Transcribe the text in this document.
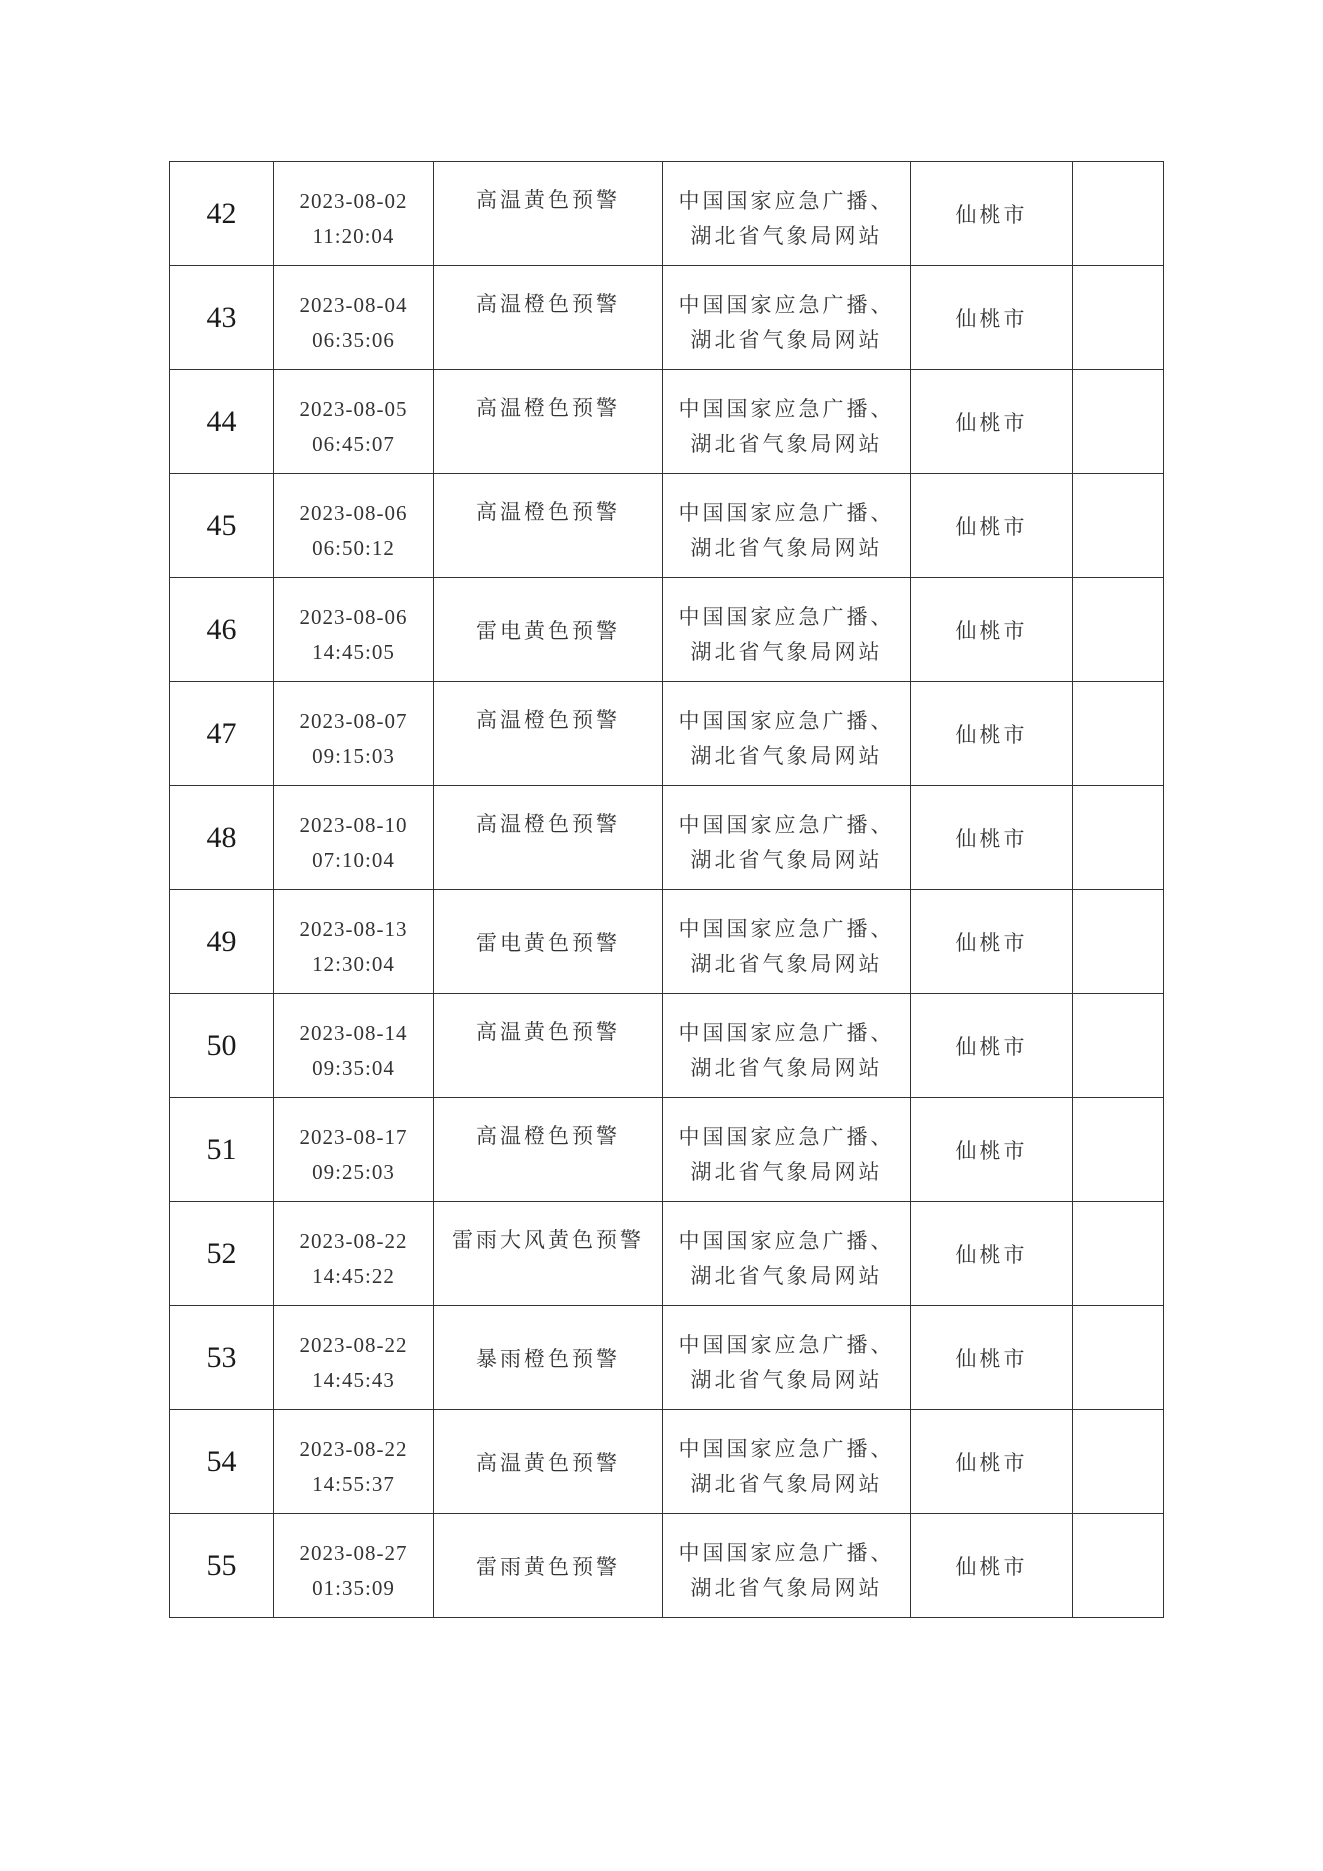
42	2023-08-02
11:20:04	高温黄色预警	中国国家应急广播、
湖北省气象局网站	仙桃市	
43	2023-08-04
06:35:06	高温橙色预警	中国国家应急广播、
湖北省气象局网站	仙桃市	
44	2023-08-05
06:45:07	高温橙色预警	中国国家应急广播、
湖北省气象局网站	仙桃市	
45	2023-08-06
06:50:12	高温橙色预警	中国国家应急广播、
湖北省气象局网站	仙桃市	
46	2023-08-06
14:45:05	雷电黄色预警	中国国家应急广播、
湖北省气象局网站	仙桃市	
47	2023-08-07
09:15:03	高温橙色预警	中国国家应急广播、
湖北省气象局网站	仙桃市	
48	2023-08-10
07:10:04	高温橙色预警	中国国家应急广播、
湖北省气象局网站	仙桃市	
49	2023-08-13
12:30:04	雷电黄色预警	中国国家应急广播、
湖北省气象局网站	仙桃市	
50	2023-08-14
09:35:04	高温黄色预警	中国国家应急广播、
湖北省气象局网站	仙桃市	
51	2023-08-17
09:25:03	高温橙色预警	中国国家应急广播、
湖北省气象局网站	仙桃市	
52	2023-08-22
14:45:22	雷雨大风黄色预警	中国国家应急广播、
湖北省气象局网站	仙桃市	
53	2023-08-22
14:45:43	暴雨橙色预警	中国国家应急广播、
湖北省气象局网站	仙桃市	
54	2023-08-22
14:55:37	高温黄色预警	中国国家应急广播、
湖北省气象局网站	仙桃市	
55	2023-08-27
01:35:09	雷雨黄色预警	中国国家应急广播、
湖北省气象局网站	仙桃市	
